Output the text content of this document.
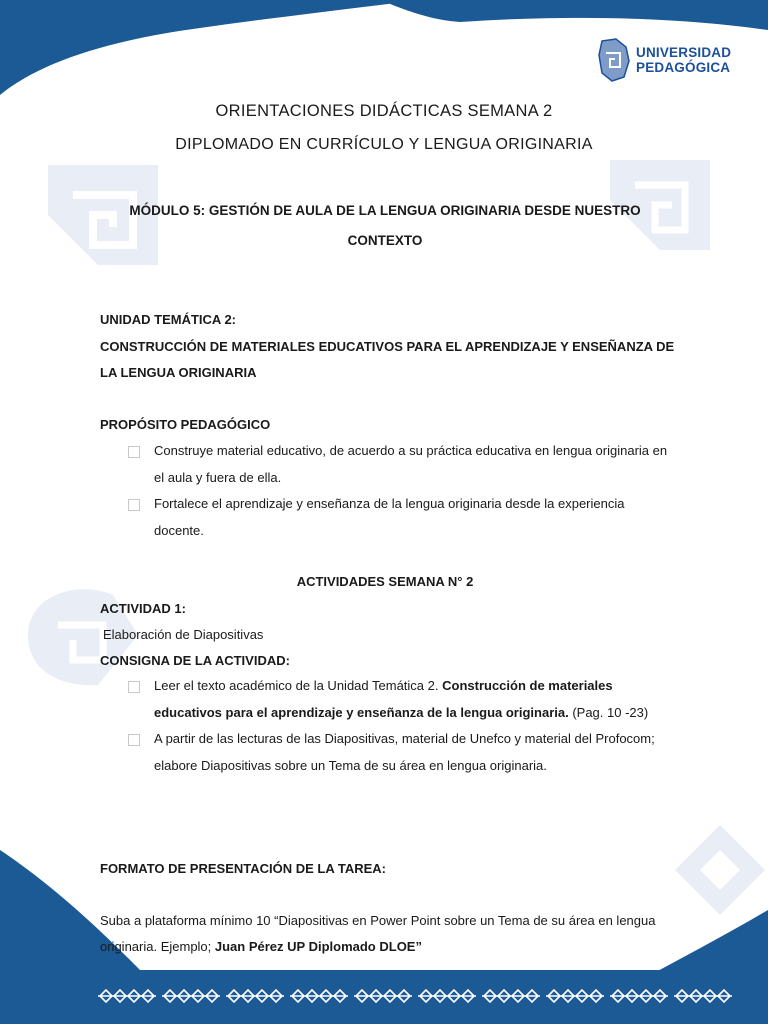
UNIVERSIDAD
PEDAGÓGICA
ORIENTACIONES DIDÁCTICAS SEMANA 2
DIPLOMADO EN CURRÍCULO Y LENGUA ORIGINARIA
MÓDULO 5: GESTIÓN DE AULA DE LA LENGUA ORIGINARIA DESDE NUESTRO CONTEXTO
UNIDAD TEMÁTICA 2:
CONSTRUCCIÓN DE MATERIALES EDUCATIVOS PARA EL APRENDIZAJE Y ENSEÑANZA DE
LA LENGUA ORIGINARIA
PROPÓSITO PEDAGÓGICO
Construye material educativo, de acuerdo a su práctica educativa en lengua originaria en el aula y fuera de ella.
Fortalece el aprendizaje y enseñanza de la lengua originaria desde la experiencia docente.
ACTIVIDADES SEMANA N° 2
ACTIVIDAD 1:
Elaboración de Diapositivas
CONSIGNA DE LA ACTIVIDAD:
Leer el texto académico de la Unidad Temática 2. Construcción de materiales educativos para el aprendizaje y enseñanza de la lengua originaria. (Pag. 10 -23)
A partir de las lecturas de las Diapositivas, material de Unefco y material del Profocom; elabore Diapositivas sobre un Tema de su área en lengua originaria.
FORMATO DE PRESENTACIÓN DE LA TAREA:
Suba a plataforma mínimo 10 “Diapositivas en Power Point sobre un Tema de su área en lengua originaria. Ejemplo; Juan Pérez UP Diplomado DLOE”
